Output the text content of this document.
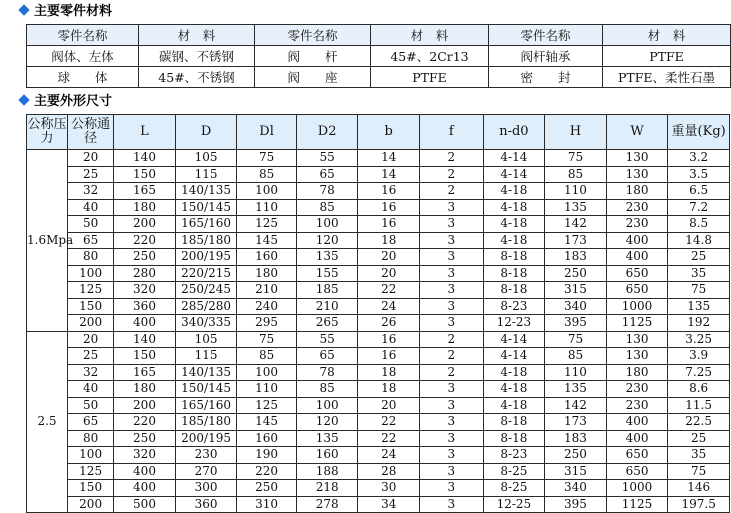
主要零件材料
零件名称	材　料	零件名称	材　料	零件名称	材　料
阀体、左体	碳钢、不锈钢	阀　　杆	45#、2Cr13	阀杆轴承	PTFE
球　　体	45#、不锈钢	阀　　座	PTFE	密　　封	PTFE、柔性石墨
主要外形尺寸
公称压力	公称通径	L	D	Dl	D2	b	f	n-d0	H	W	重量(Kg)
1.6Mpa	20	140	105	75	55	14	2	4-14	75	130	3.2
	25	150	115	85	65	14	2	4-14	85	130	3.5
	32	165	140/135	100	78	16	2	4-18	110	180	6.5
	40	180	150/145	110	85	16	3	4-18	135	230	7.2
	50	200	165/160	125	100	16	3	4-18	142	230	8.5
	65	220	185/180	145	120	18	3	4-18	173	400	14.8
	80	250	200/195	160	135	20	3	8-18	183	400	25
	100	280	220/215	180	155	20	3	8-18	250	650	35
	125	320	250/245	210	185	22	3	8-18	315	650	75
	150	360	285/280	240	210	24	3	8-23	340	1000	135
	200	400	340/335	295	265	26	3	12-23	395	1125	192
2.5	20	140	105	75	55	16	2	4-14	75	130	3.25
	25	150	115	85	65	16	2	4-14	85	130	3.9
	32	165	140/135	100	78	18	2	4-18	110	180	7.25
	40	180	150/145	110	85	18	3	4-18	135	230	8.6
	50	200	165/160	125	100	20	3	4-18	142	230	11.5
	65	220	185/180	145	120	22	3	8-18	173	400	22.5
	80	250	200/195	160	135	22	3	8-18	183	400	25
	100	320	230	190	160	24	3	8-23	250	650	35
	125	400	270	220	188	28	3	8-25	315	650	75
	150	400	300	250	218	30	3	8-25	340	1000	146
	200	500	360	310	278	34	3	12-25	395	1125	197.5
